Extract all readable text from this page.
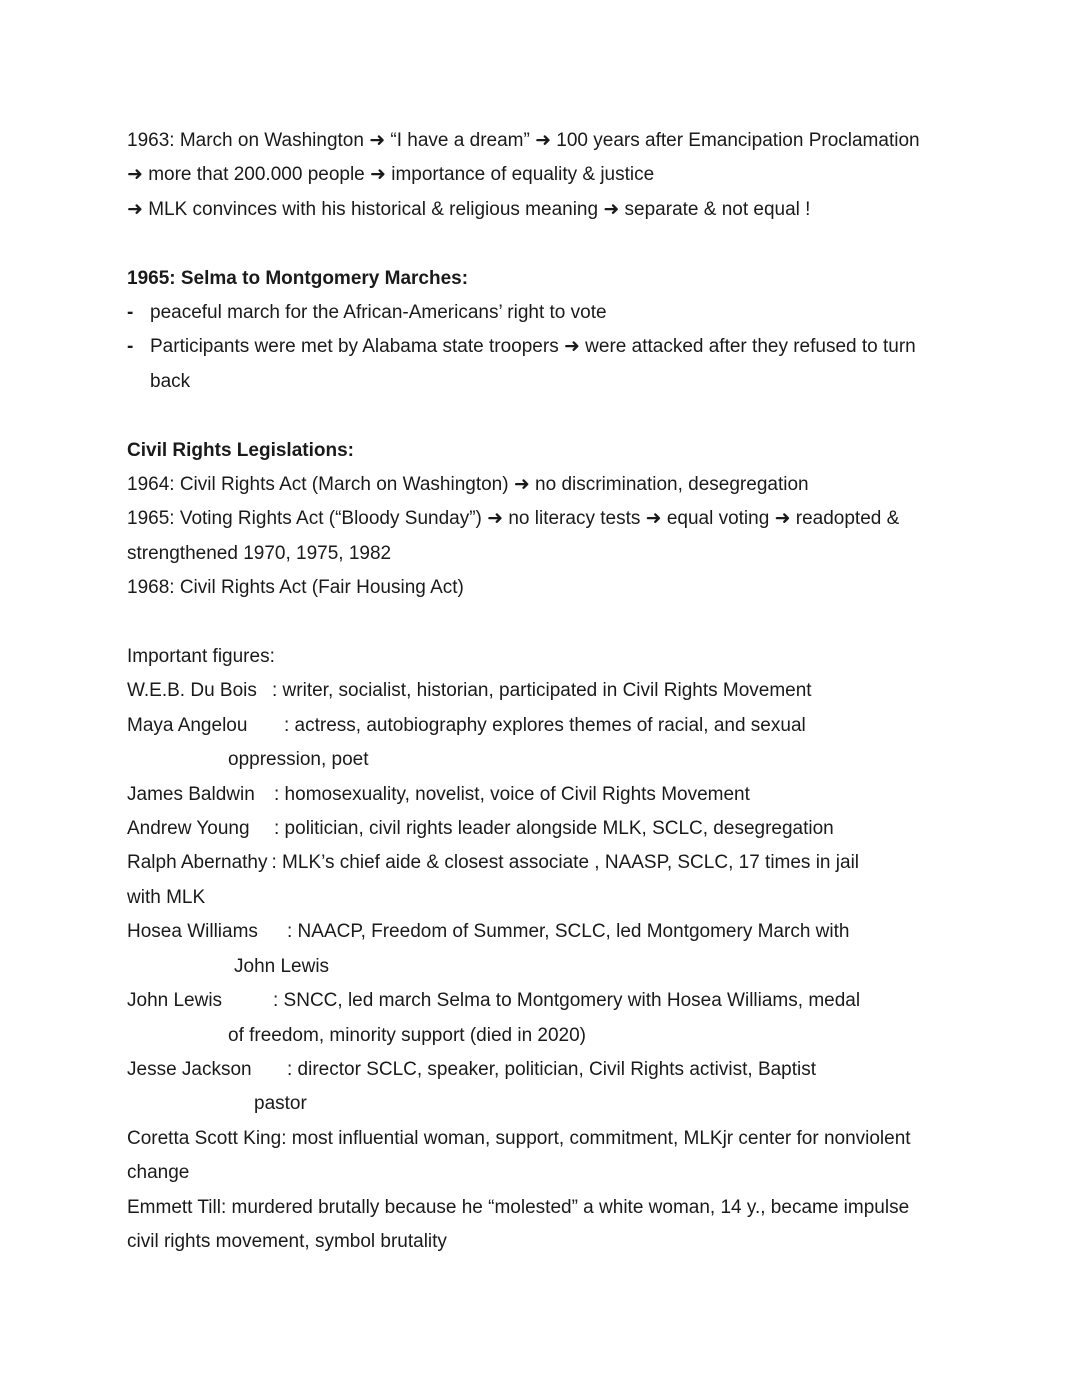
1963: March on Washington ➜ “I have a dream” ➜ 100 years after Emancipation Proclamation
➜ more that 200.000 people ➜ importance of equality & justice
➜ MLK convinces with his historical & religious meaning ➜ separate & not equal !
1965: Selma to Montgomery Marches:
- peaceful march for the African-Americans’ right to vote
- Participants were met by Alabama state troopers ➜ were attacked after they refused to turn
back
Civil Rights Legislations:
1964: Civil Rights Act (March on Washington) ➜ no discrimination, desegregation
1965: Voting Rights Act (“Bloody Sunday”) ➜ no literacy tests ➜ equal voting ➜ readopted &
strengthened 1970, 1975, 1982
1968: Civil Rights Act (Fair Housing Act)
Important figures:
W.E.B. Du Bois : writer, socialist, historian, participated in Civil Rights Movement
Maya Angelou : actress, autobiography explores themes of racial, and sexual
oppression, poet
James Baldwin : homosexuality, novelist, voice of Civil Rights Movement
Andrew Young : politician, civil rights leader alongside MLK, SCLC, desegregation
Ralph Abernathy : MLK’s chief aide & closest associate , NAASP, SCLC, 17 times in jail
with MLK
Hosea Williams : NAACP, Freedom of Summer, SCLC, led Montgomery March with
John Lewis
John Lewis	: SNCC, led march Selma to Montgomery with Hosea Williams, medal
of freedom, minority support (died in 2020)
Jesse Jackson : director SCLC, speaker, politician, Civil Rights activist, Baptist
pastor
Coretta Scott King: most influential woman, support, commitment, MLKjr center for nonviolent
change
Emmett Till: murdered brutally because he “molested” a white woman, 14 y., became impulse
civil rights movement, symbol brutality
